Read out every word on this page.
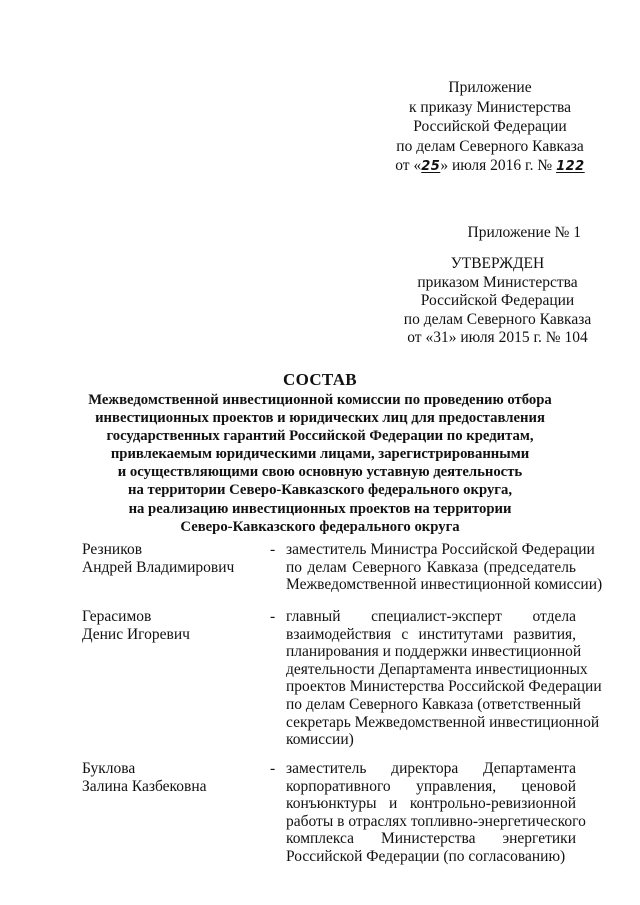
Приложение
к приказу Министерства
Российской Федерации
по делам Северного Кавказа
от «25» июля 2016 г. № 122
Приложение № 1
УТВЕРЖДЕН
приказом Министерства
Российской Федерации
по делам Северного Кавказа
от «31» июля 2015 г. № 104
СОСТАВ
Межведомственной инвестиционной комиссии по проведению отбора
инвестиционных проектов и юридических лиц для предоставления
государственных гарантий Российской Федерации по кредитам,
привлекаемым юридическими лицами, зарегистрированными
и осуществляющими свою основную уставную деятельность
на территории Северо-Кавказского федерального округа,
на реализацию инвестиционных проектов на территории
Северо-Кавказского федерального округа
Резников
Андрей Владимирович
- заместитель Министра Российской Федерации
по делам Северного Кавказа (председатель
Межведомственной инвестиционной комиссии)
Герасимов
Денис Игоревич
- главный специалист-эксперт отдела
взаимодействия с институтами развития,
планирования и поддержки инвестиционной
деятельности Департамента инвестиционных
проектов Министерства Российской Федерации
по делам Северного Кавказа (ответственный
секретарь Межведомственной инвестиционной
комиссии)
Буклова
Залина Казбековна
- заместитель директора Департамента
корпоративного управления, ценовой
конъюнктуры и контрольно-ревизионной
работы в отраслях топливно-энергетического
комплекса Министерства энергетики
Российской Федерации (по согласованию)
